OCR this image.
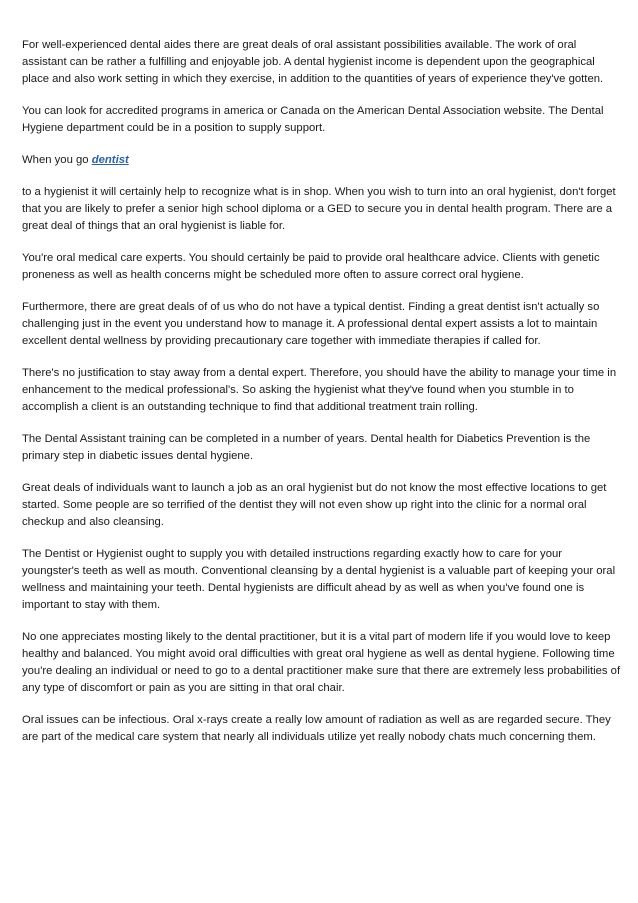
For well-experienced dental aides there are great deals of oral assistant possibilities available. The work of oral assistant can be rather a fulfilling and enjoyable job. A dental hygienist income is dependent upon the geographical place and also work setting in which they exercise, in addition to the quantities of years of experience they've gotten.

You can look for accredited programs in america or Canada on the American Dental Association website. The Dental Hygiene department could be in a position to supply support.

When you go dentist

to a hygienist it will certainly help to recognize what is in shop. When you wish to turn into an oral hygienist, don't forget that you are likely to prefer a senior high school diploma or a GED to secure you in dental health program. There are a great deal of things that an oral hygienist is liable for.

You're oral medical care experts. You should certainly be paid to provide oral healthcare advice. Clients with genetic proneness as well as health concerns might be scheduled more often to assure correct oral hygiene.

Furthermore, there are great deals of of us who do not have a typical dentist. Finding a great dentist isn't actually so challenging just in the event you understand how to manage it. A professional dental expert assists a lot to maintain excellent dental wellness by providing precautionary care together with immediate therapies if called for.

There's no justification to stay away from a dental expert. Therefore, you should have the ability to manage your time in enhancement to the medical professional's. So asking the hygienist what they've found when you stumble in to accomplish a client is an outstanding technique to find that additional treatment train rolling.

The Dental Assistant training can be completed in a number of years. Dental health for Diabetics Prevention is the primary step in diabetic issues dental hygiene.

Great deals of individuals want to launch a job as an oral hygienist but do not know the most effective locations to get started. Some people are so terrified of the dentist they will not even show up right into the clinic for a normal oral checkup and also cleansing.

The Dentist or Hygienist ought to supply you with detailed instructions regarding exactly how to care for your youngster's teeth as well as mouth. Conventional cleansing by a dental hygienist is a valuable part of keeping your oral wellness and maintaining your teeth. Dental hygienists are difficult ahead by as well as when you've found one is important to stay with them.

No one appreciates mosting likely to the dental practitioner, but it is a vital part of modern life if you would love to keep healthy and balanced. You might avoid oral difficulties with great oral hygiene as well as dental hygiene. Following time you're dealing an individual or need to go to a dental practitioner make sure that there are extremely less probabilities of any type of discomfort or pain as you are sitting in that oral chair.

Oral issues can be infectious. Oral x-rays create a really low amount of radiation as well as are regarded secure. They are part of the medical care system that nearly all individuals utilize yet really nobody chats much concerning them.
